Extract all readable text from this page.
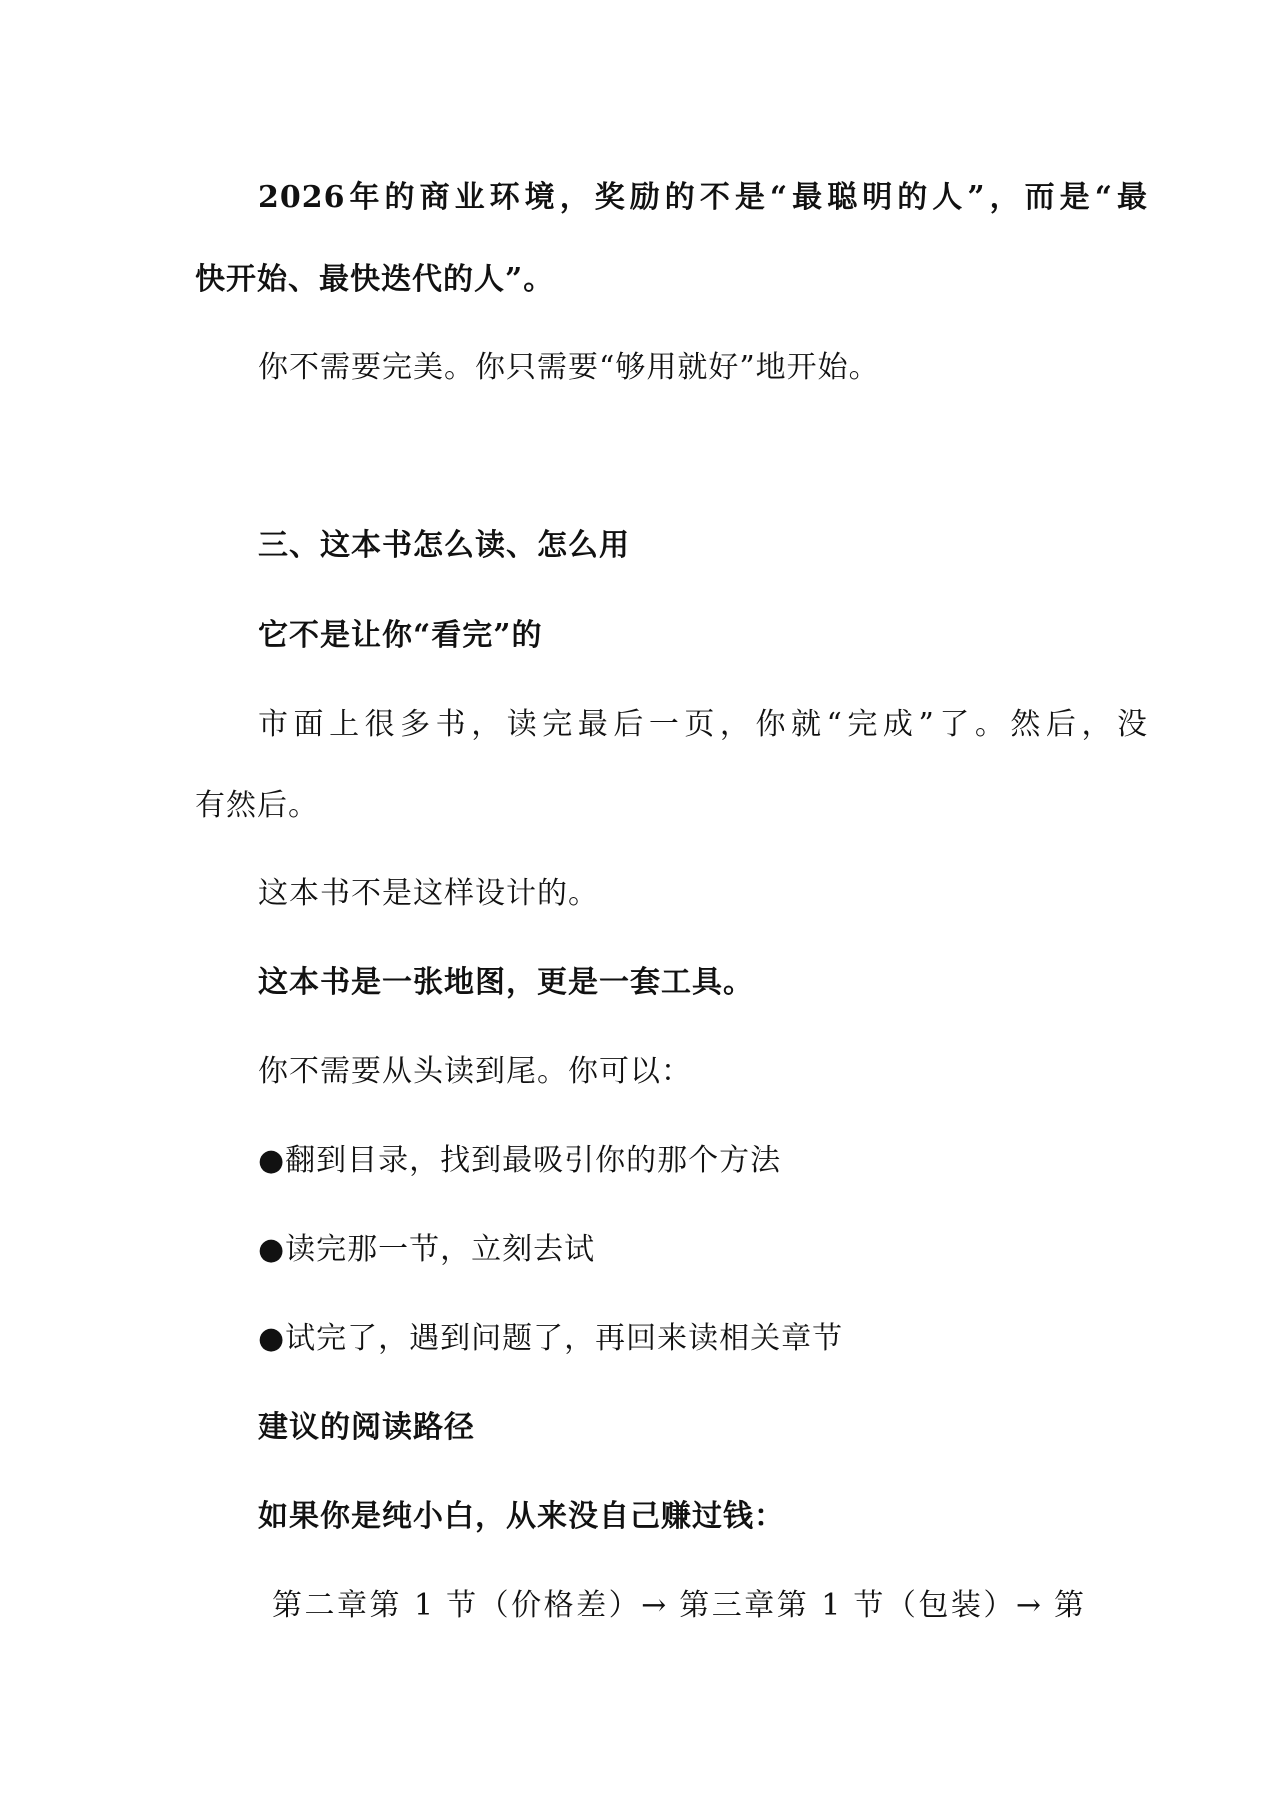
2026年的商业环境，奖励的不是“最聪明的人”，而是“最
快开始、最快迭代的人”。
你不需要完美。你只需要“够用就好”地开始。
三、这本书怎么读、怎么用
它不是让你“看完”的
市面上很多书，读完最后一页，你就“完成”了。然后，没
有然后。
这本书不是这样设计的。
这本书是一张地图，更是一套工具。
你不需要从头读到尾。你可以：
●翻到目录，找到最吸引你的那个方法
●读完那一节，立刻去试
●试完了，遇到问题了，再回来读相关章节
建议的阅读路径
如果你是纯小白，从来没自己赚过钱：
第二章第 1 节（价格差）→ 第三章第 1 节（包装）→ 第
